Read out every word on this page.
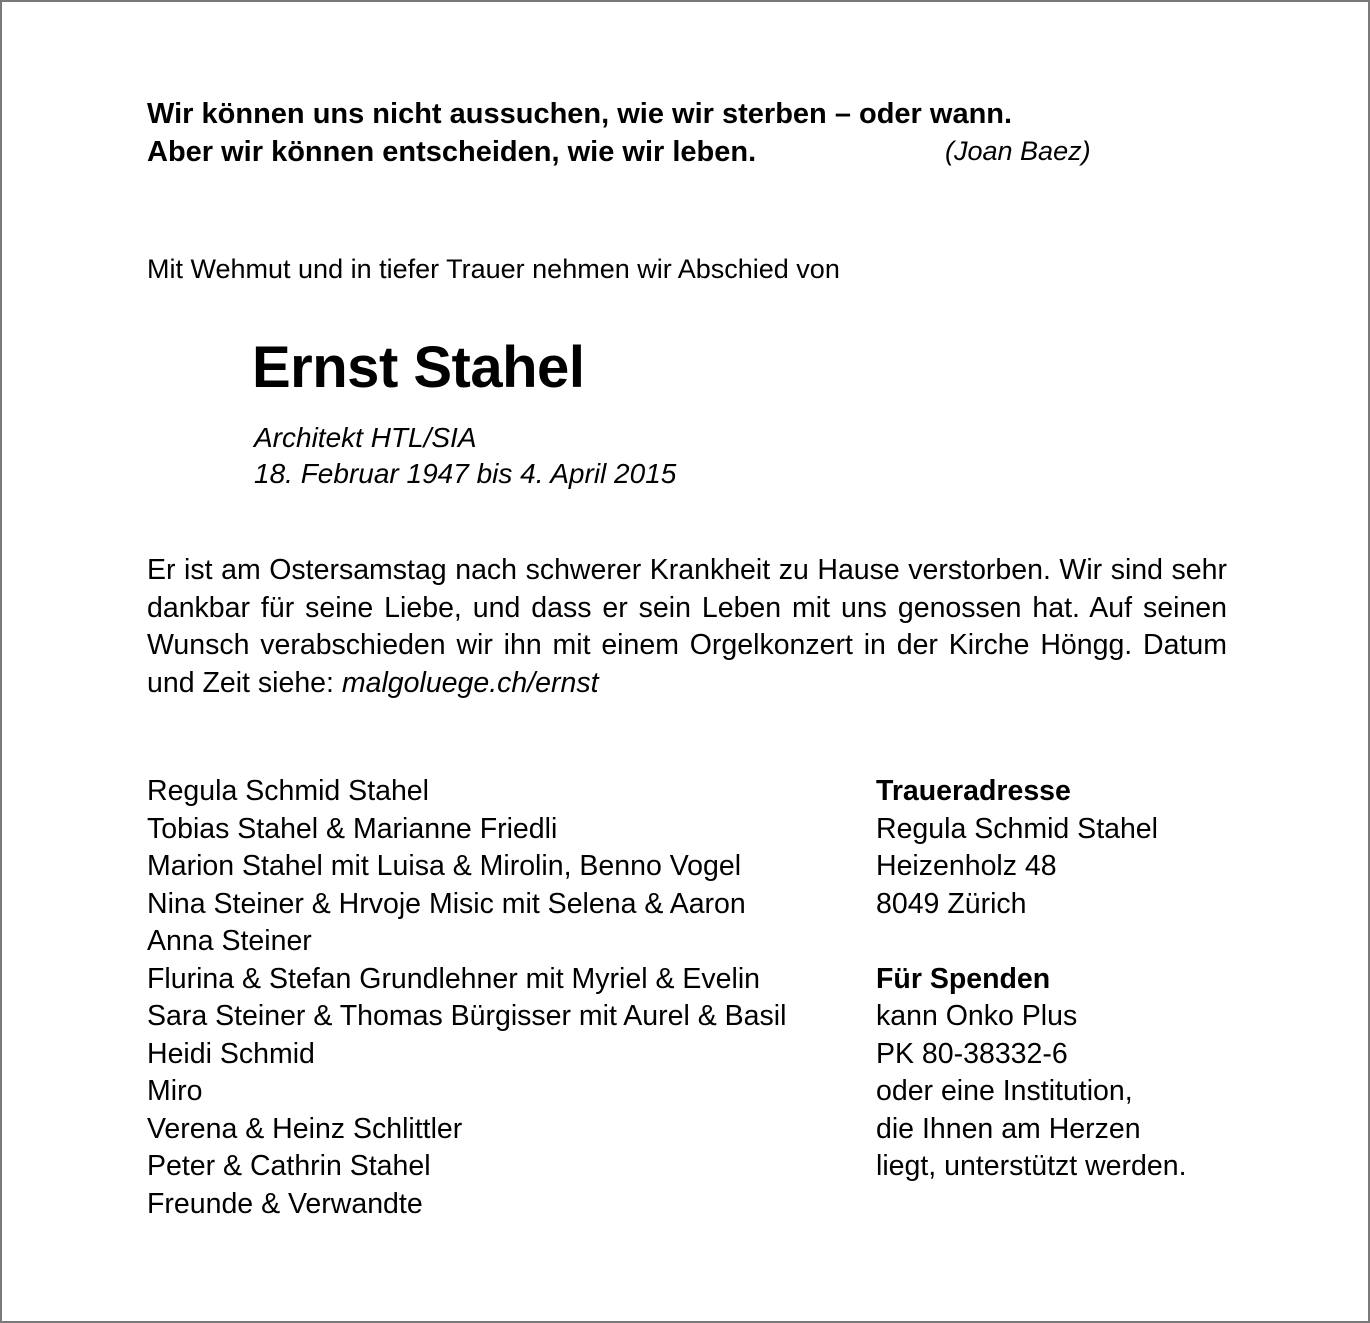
Wir können uns nicht aussuchen, wie wir sterben – oder wann.
Aber wir können entscheiden, wie wir leben.	(Joan Baez)
Mit Wehmut und in tiefer Trauer nehmen wir Abschied von
Ernst Stahel
Architekt HTL/SIA
18. Februar 1947 bis 4. April 2015
Er ist am Ostersamstag nach schwerer Krankheit zu Hause verstorben. Wir sind sehr dankbar für seine Liebe, und dass er sein Leben mit uns genossen hat. Auf seinen Wunsch verabschieden wir ihn mit einem Orgelkonzert in der Kirche Höngg. Datum und Zeit siehe: malgoluege.ch/ernst
Regula Schmid Stahel
Tobias Stahel & Marianne Friedli
Marion Stahel mit Luisa & Mirolin, Benno Vogel
Nina Steiner & Hrvoje Misic mit Selena & Aaron
Anna Steiner
Flurina & Stefan Grundlehner mit Myriel & Evelin
Sara Steiner & Thomas Bürgisser mit Aurel & Basil
Heidi Schmid
Miro
Verena & Heinz Schlittler
Peter & Cathrin Stahel
Freunde & Verwandte
Traueradresse
Regula Schmid Stahel
Heizenholz 48
8049 Zürich
Für Spenden
kann Onko Plus
PK 80-38332-6
oder eine Institution,
die Ihnen am Herzen
liegt, unterstützt werden.
